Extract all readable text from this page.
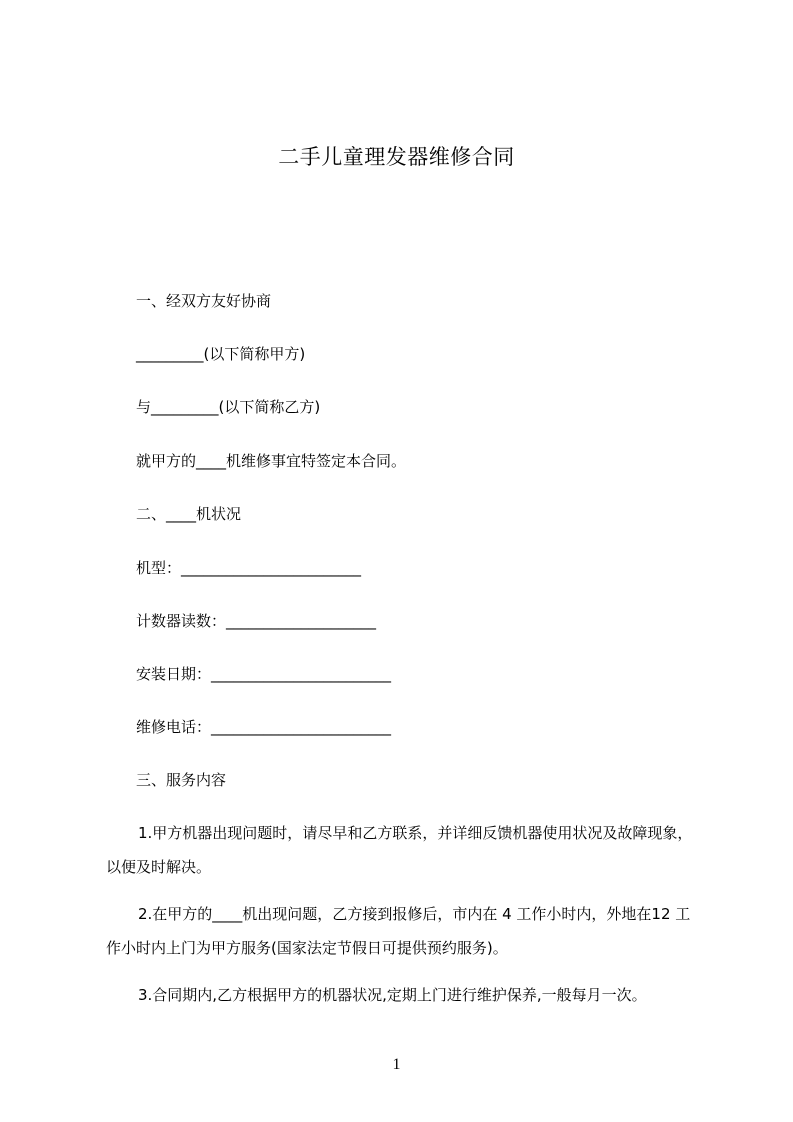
二手儿童理发器维修合同
一、经双方友好协商
_________(以下简称甲方)
与_________(以下简称乙方)
就甲方的____机维修事宜特签定本合同。
二、____机状况
机型：________________________
计数器读数：____________________
安装日期：________________________
维修电话：________________________
三、服务内容
1.甲方机器出现问题时，请尽早和乙方联系，并详细反馈机器使用状况及故障现象，以便及时解决。
2.在甲方的____机出现问题，乙方接到报修后，市内在 4 工作小时内，外地在12 工作小时内上门为甲方服务(国家法定节假日可提供预约服务)。
3.合同期内,乙方根据甲方的机器状况,定期上门进行维护保养,一般每月一次。
1
